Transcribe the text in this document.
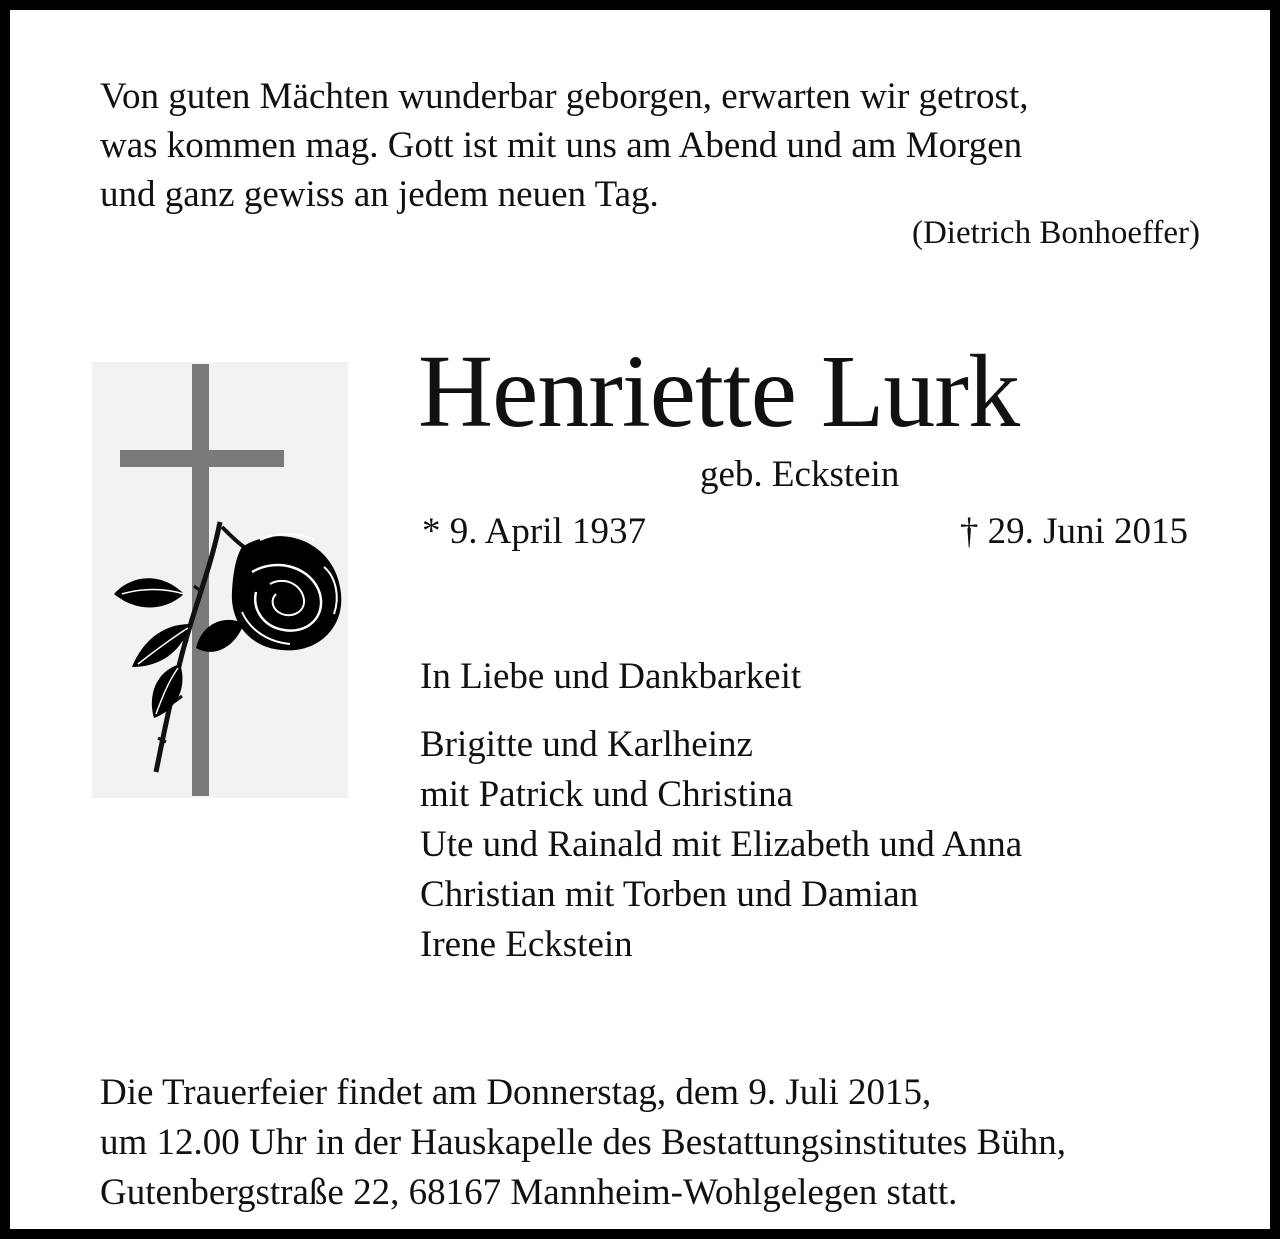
Von guten Mächten wunderbar geborgen, erwarten wir getrost,
was kommen mag. Gott ist mit uns am Abend und am Morgen
und ganz gewiss an jedem neuen Tag.
(Dietrich Bonhoeffer)
Henriette Lurk
geb. Eckstein
* 9. April 1937	† 29. Juni 2015
In Liebe und Dankbarkeit
Brigitte und Karlheinz
mit Patrick und Christina
Ute und Rainald mit Elizabeth und Anna
Christian mit Torben und Damian
Irene Eckstein
Die Trauerfeier findet am Donnerstag, dem 9. Juli 2015,
um 12.00 Uhr in der Hauskapelle des Bestattungsinstitutes Bühn,
Gutenbergstraße 22, 68167 Mannheim-Wohlgelegen statt.
